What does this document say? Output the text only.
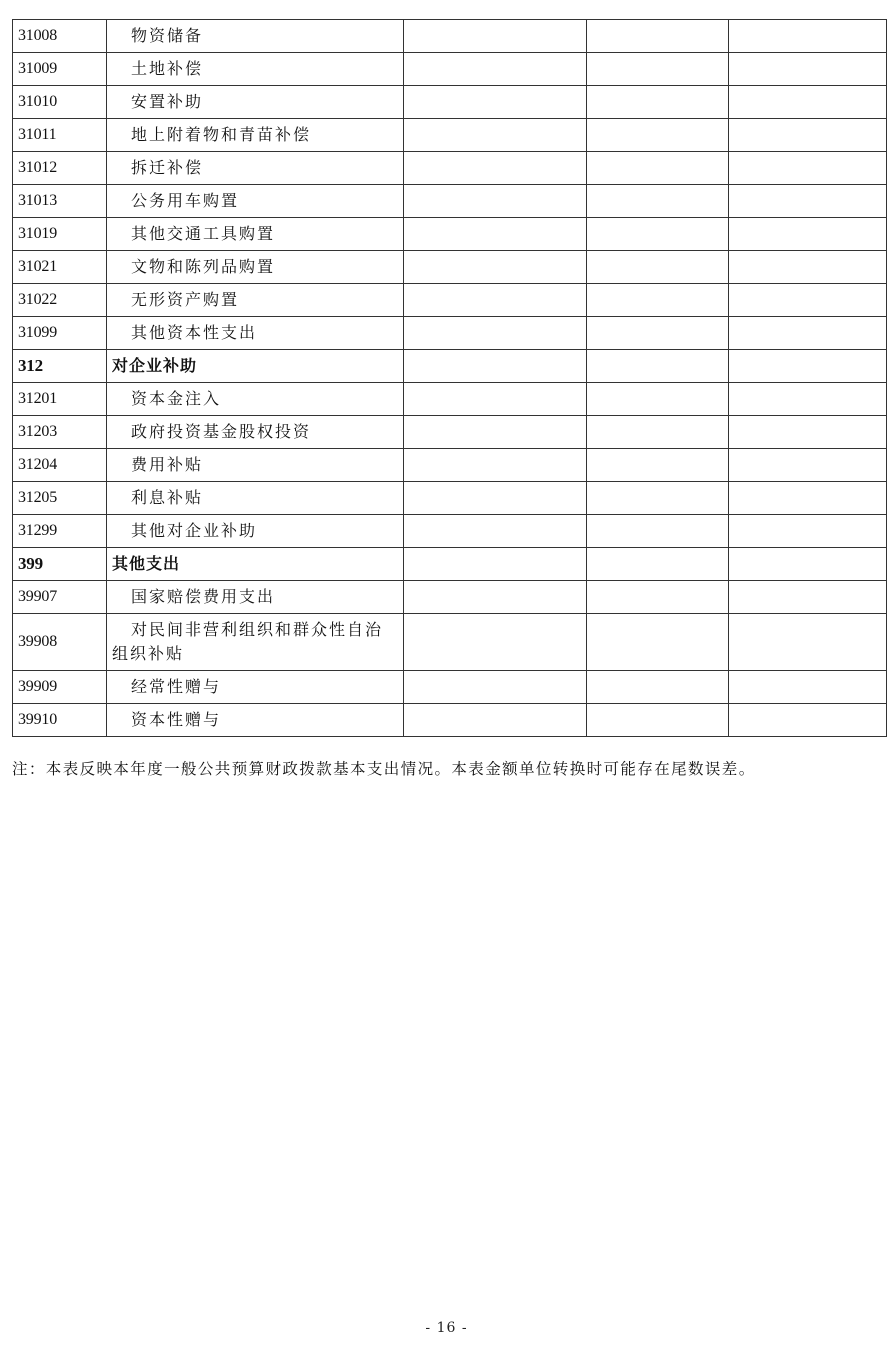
31008	物资储备			
31009	土地补偿			
31010	安置补助			
31011	地上附着物和青苗补偿			
31012	拆迁补偿			
31013	公务用车购置			
31019	其他交通工具购置			
31021	文物和陈列品购置			
31022	无形资产购置			
31099	其他资本性支出			
312	对企业补助			
31201	资本金注入			
31203	政府投资基金股权投资			
31204	费用补贴			
31205	利息补贴			
31299	其他对企业补助			
399	其他支出			
39907	国家赔偿费用支出			
39908	对民间非营利组织和群众性自治组织补贴			

39909	经常性赠与			
39910	资本性赠与			
注：本表反映本年度一般公共预算财政拨款基本支出情况。本表金额单位转换时可能存在尾数误差。
- 16 -
